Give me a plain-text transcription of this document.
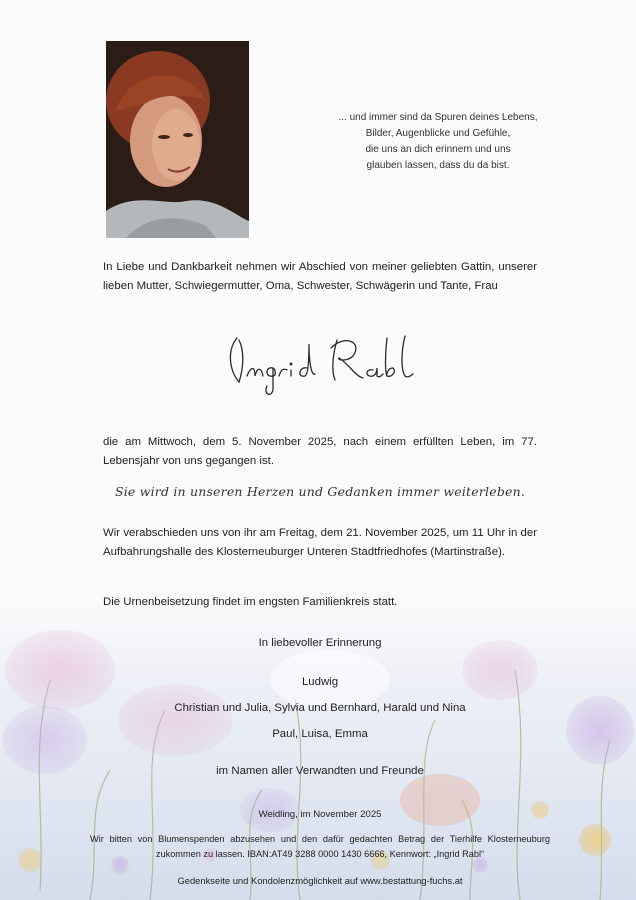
... und immer sind da Spuren deines Lebens,
Bilder, Augenblicke und Gefühle,
die uns an dich erinnern und uns
glauben lassen, dass du da bist.
In Liebe und Dankbarkeit nehmen wir Abschied von meiner geliebten Gattin, unserer lieben Mutter, Schwiegermutter, Oma, Schwester, Schwägerin und Tante, Frau
die am Mittwoch, dem 5. November 2025, nach einem erfüllten Leben, im 77. Lebensjahr von uns gegangen ist.
Sie wird in unseren Herzen und Gedanken immer weiterleben.
Wir verabschieden uns von ihr am Freitag, dem 21. November 2025, um 11 Uhr in der Aufbahrungshalle des Klosterneuburger Unteren Stadtfriedhofes (Martinstraße).
Die Urnenbeisetzung findet im engsten Familienkreis statt.
In liebevoller Erinnerung
Ludwig
Christian und Julia, Sylvia und Bernhard, Harald und Nina
Paul, Luisa, Emma
im Namen aller Verwandten und Freunde
Weidling, im November 2025
Wir bitten von Blumenspenden abzusehen und den dafür gedachten Betrag der Tierhilfe Klosterneuburg zukommen zu lassen. IBAN:AT49 3288 0000 1430 6666, Kennwort: „Ingrid Rabl“
Gedenkseite und Kondolenzmöglichkeit auf www.bestattung-fuchs.at
